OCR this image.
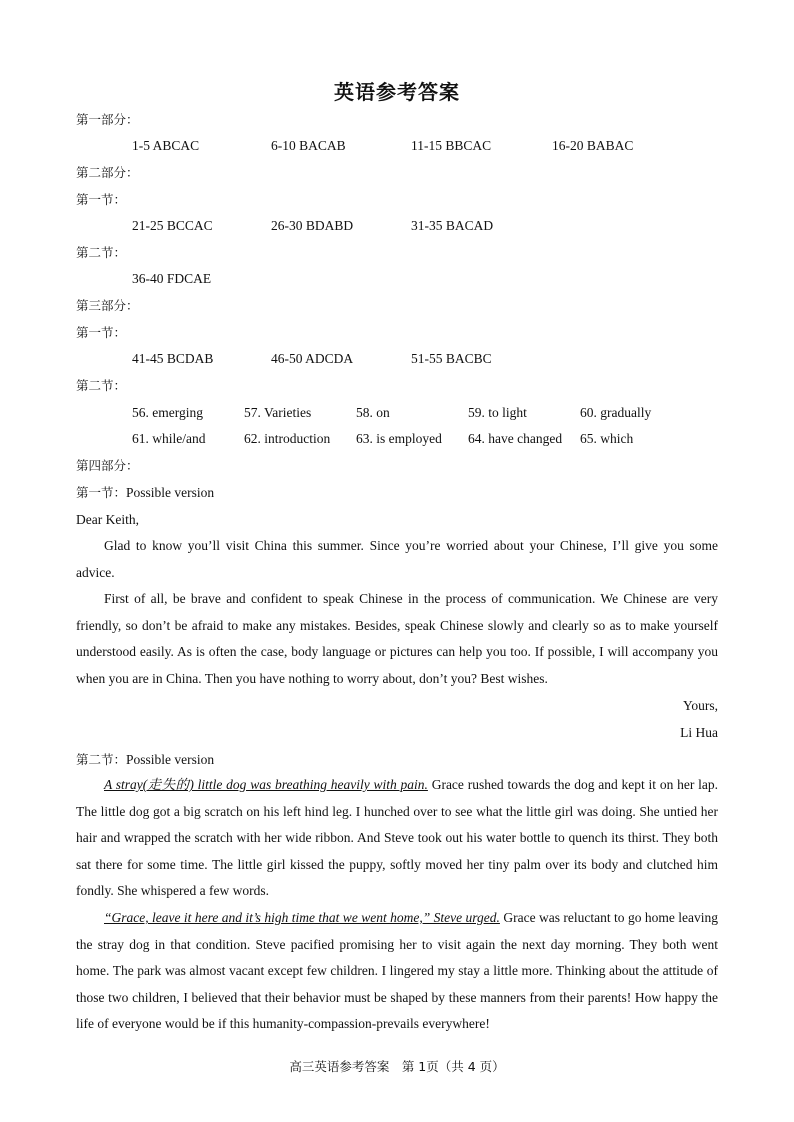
英语参考答案
第一部分：
1-5 ABCAC	6-10 BACAB	11-15 BBCAC	16-20 BABAC
第二部分：
第一节：
21-25 BCCAC	26-30 BDABD	31-35 BACAD
第二节：
36-40 FDCAE
第三部分：
第一节：
41-45 BCDAB	46-50 ADCDA	51-55 BACBC
第二节：
56. emerging	57. Varieties	58. on	59. to light	60. gradually
61. while/and	62. introduction 63. is employed 64. have changed 65. which
第四部分：
第一节：Possible version
Dear Keith,

Glad to know you’ll visit China this summer. Since you’re worried about your Chinese, I’ll give you some advice.

First of all, be brave and confident to speak Chinese in the process of communication. We Chinese are very friendly, so don’t be afraid to make any mistakes. Besides, speak Chinese slowly and clearly so as to make yourself understood easily. As is often the case, body language or pictures can help you too. If possible, I will accompany you when you are in China. Then you have nothing to worry about, don’t you? Best wishes.

Yours,
Li Hua
第二节：Possible version

A stray(走失的) little dog was breathing heavily with pain. Grace rushed towards the dog and kept it on her lap. The little dog got a big scratch on his left hind leg. I hunched over to see what the little girl was doing. She untied her hair and wrapped the scratch with her wide ribbon. And Steve took out his water bottle to quench its thirst. They both sat there for some time. The little girl kissed the puppy, softly moved her tiny palm over its body and clutched him fondly. She whispered a few words.

“Grace, leave it here and it’s high time that we went home,” Steve urged. Grace was reluctant to go home leaving the stray dog in that condition. Steve pacified promising her to visit again the next day morning. They both went home. The park was almost vacant except few children. I lingered my stay a little more. Thinking about the attitude of those two children, I believed that their behavior must be shaped by these manners from their parents! How happy the life of everyone would be if this humanity-compassion-prevails everywhere!

高三英语参考答案　第 1页（共 4 页）
